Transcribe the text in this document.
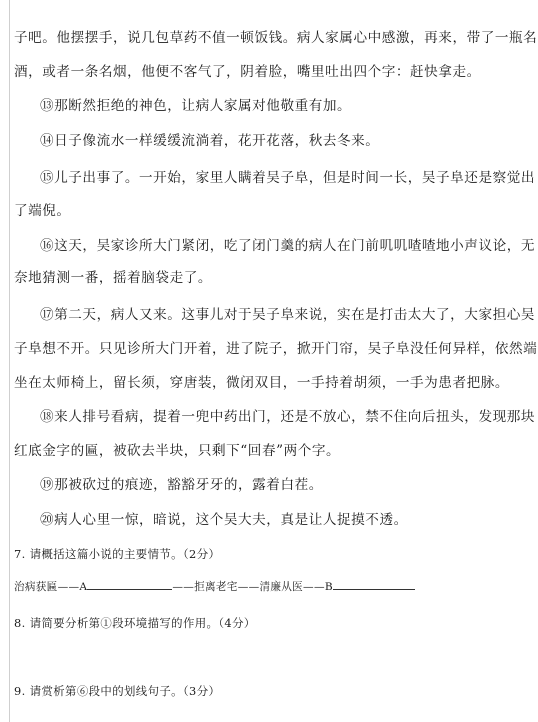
子吧。他摆摆手，说几包草药不值一顿饭钱。病人家属心中感激，再来，带了一瓶名
酒，或者一条名烟，他便不客气了，阴着脸，嘴里吐出四个字：赶快拿走。
⑬那断然拒绝的神色，让病人家属对他敬重有加。
⑭日子像流水一样缓缓流淌着，花开花落，秋去冬来。
⑮儿子出事了。一开始，家里人瞒着吴子阜，但是时间一长，吴子阜还是察觉出
了端倪。
⑯这天，吴家诊所大门紧闭，吃了闭门羹的病人在门前叽叽喳喳地小声议论，无
奈地猜测一番，摇着脑袋走了。
⑰第二天，病人又来。这事儿对于吴子阜来说，实在是打击太大了，大家担心吴
子阜想不开。只见诊所大门开着，进了院子，掀开门帘，吴子阜没任何异样，依然端
坐在太师椅上，留长须，穿唐装，微闭双目，一手持着胡须，一手为患者把脉。
⑱来人排号看病，提着一兜中药出门，还是不放心，禁不住向后扭头，发现那块
红底金字的匾，被砍去半块，只剩下“回春”两个字。
⑲那被砍过的痕迹，豁豁牙牙的，露着白茬。
⑳病人心里一惊，暗说，这个吴大夫，真是让人捉摸不透。
7. 请概括这篇小说的主要情节。（2分）
治病获匾——A	——拒离老宅——清廉从医——B
8. 请简要分析第①段环境描写的作用。（4分）
9. 请赏析第⑥段中的划线句子。（3分）
